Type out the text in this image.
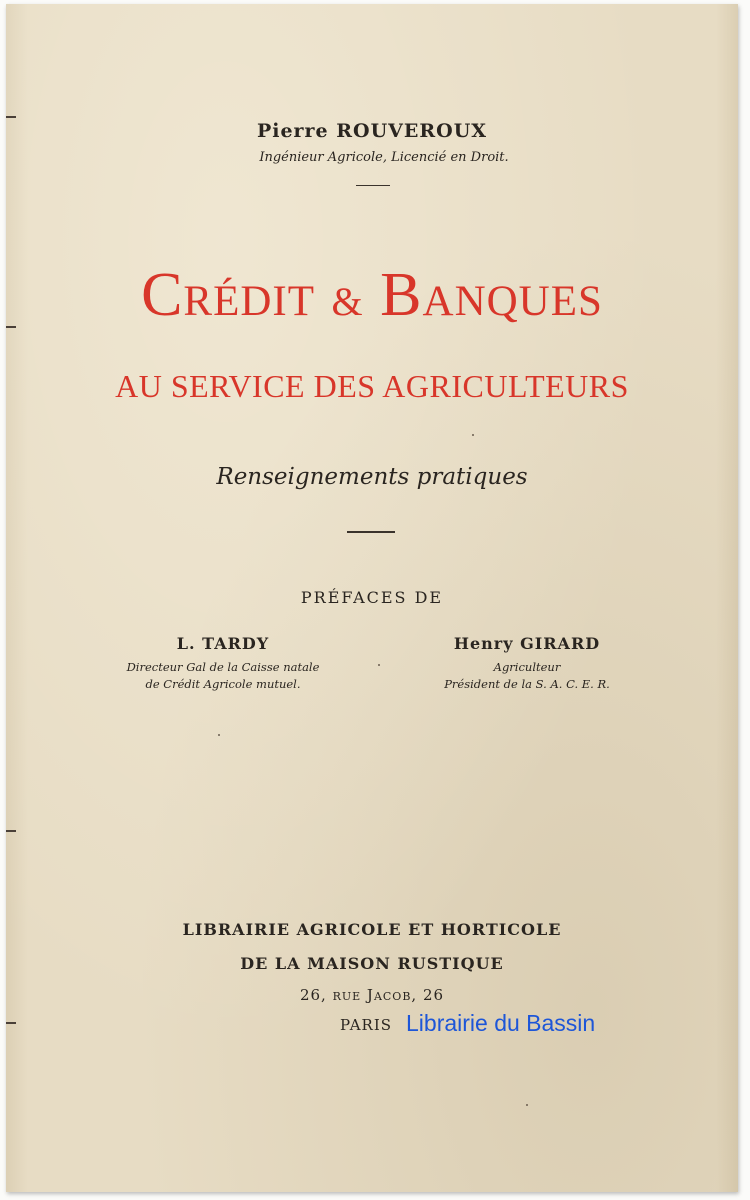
Pierre ROUVEROUX
Ingénieur Agricole, Licencié en Droit.
Crédit & Banques
AU SERVICE DES AGRICULTEURS
Renseignements pratiques
PRÉFACES DE
L. TARDY
Directeur Gal de la Caisse natale
de Crédit Agricole mutuel.
Henry GIRARD
Agriculteur
Président de la S. A. C. E. R.
LIBRAIRIE AGRICOLE ET HORTICOLE
DE LA MAISON RUSTIQUE
26, rue Jacob, 26
PARIS Librairie du Bassin
